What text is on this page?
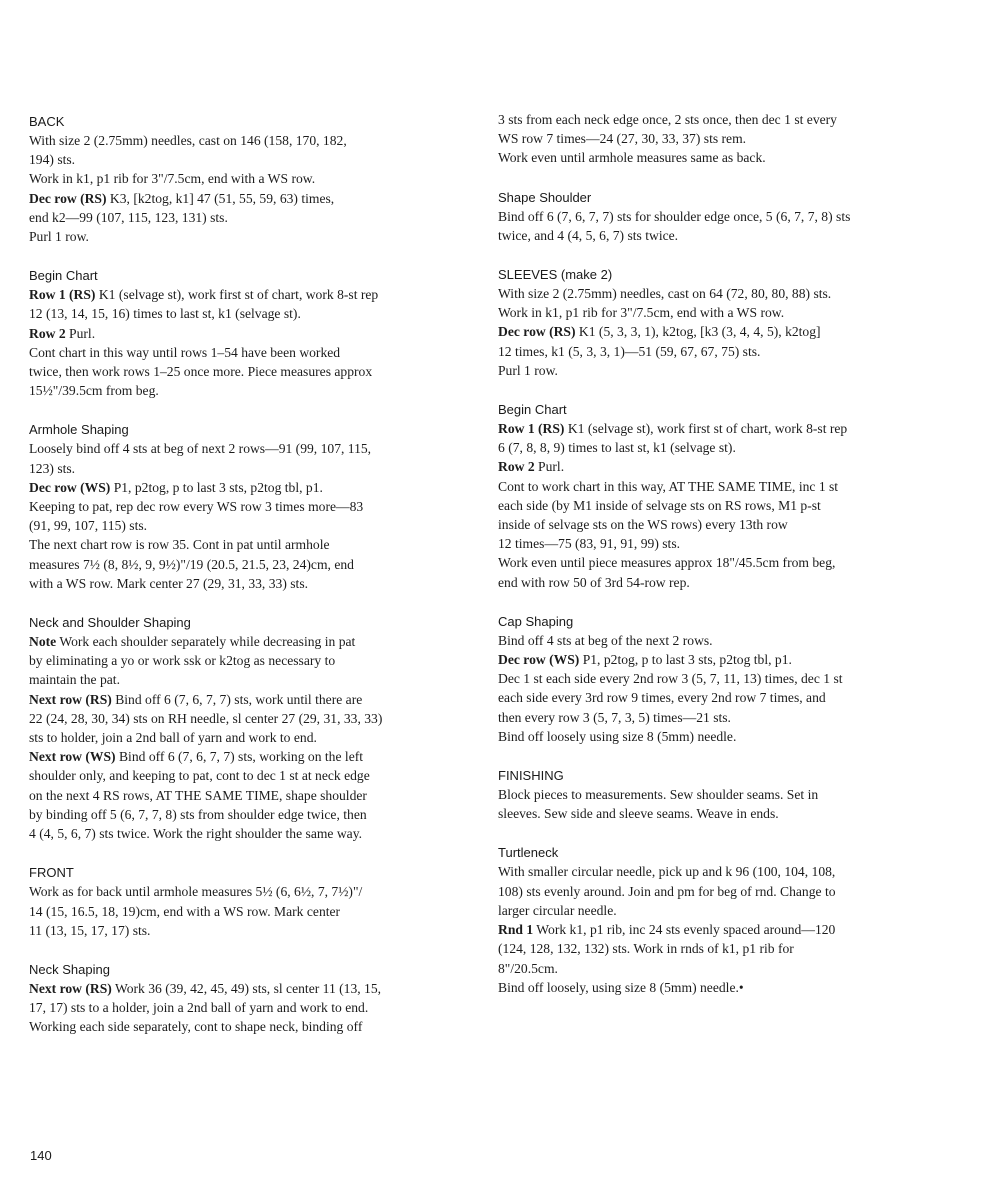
BACK

With size 2 (2.75mm) needles, cast on 146 (158, 170, 182,

194) sts.

Work in k1, p1 rib for 3"/7.5cm, end with a WS row.

Dec row (RS) K3, [k2tog, k1] 47 (51, 55, 59, 63) times,

end k2—99 (107, 115, 123, 131) sts.

Purl 1 row.

Begin Chart

Row 1 (RS) K1 (selvage st), work first st of chart, work 8-st rep

12 (13, 14, 15, 16) times to last st, k1 (selvage st).

Row 2 Purl.

Cont chart in this way until rows 1–54 have been worked

twice, then work rows 1–25 once more. Piece measures approx

15½"/39.5cm from beg.

Armhole Shaping

Loosely bind off 4 sts at beg of next 2 rows—91 (99, 107, 115,

123) sts.

Dec row (WS) P1, p2tog, p to last 3 sts, p2tog tbl, p1.

Keeping to pat, rep dec row every WS row 3 times more—83

(91, 99, 107, 115) sts.

The next chart row is row 35. Cont in pat until armhole

measures 7½ (8, 8½, 9, 9½)"/19 (20.5, 21.5, 23, 24)cm, end

with a WS row. Mark center 27 (29, 31, 33, 33) sts.

Neck and Shoulder Shaping

Note Work each shoulder separately while decreasing in pat

by eliminating a yo or work ssk or k2tog as necessary to

maintain the pat.

Next row (RS) Bind off 6 (7, 6, 7, 7) sts, work until there are

22 (24, 28, 30, 34) sts on RH needle, sl center 27 (29, 31, 33, 33)

sts to holder, join a 2nd ball of yarn and work to end.

Next row (WS) Bind off 6 (7, 6, 7, 7) sts, working on the left

shoulder only, and keeping to pat, cont to dec 1 st at neck edge

on the next 4 RS rows, AT THE SAME TIME, shape shoulder

by binding off 5 (6, 7, 7, 8) sts from shoulder edge twice, then

4 (4, 5, 6, 7) sts twice. Work the right shoulder the same way.

FRONT

Work as for back until armhole measures 5½ (6, 6½, 7, 7½)"/

14 (15, 16.5, 18, 19)cm, end with a WS row. Mark center

11 (13, 15, 17, 17) sts.

Neck Shaping

Next row (RS) Work 36 (39, 42, 45, 49) sts, sl center 11 (13, 15,

17, 17) sts to a holder, join a 2nd ball of yarn and work to end.

Working each side separately, cont to shape neck, binding off

3 sts from each neck edge once, 2 sts once, then dec 1 st every

WS row 7 times—24 (27, 30, 33, 37) sts rem.

Work even until armhole measures same as back.

Shape Shoulder

Bind off 6 (7, 6, 7, 7) sts for shoulder edge once, 5 (6, 7, 7, 8) sts

twice, and 4 (4, 5, 6, 7) sts twice.

SLEEVES (make 2)

With size 2 (2.75mm) needles, cast on 64 (72, 80, 80, 88) sts.

Work in k1, p1 rib for 3"/7.5cm, end with a WS row.

Dec row (RS) K1 (5, 3, 3, 1), k2tog, [k3 (3, 4, 4, 5), k2tog]

12 times, k1 (5, 3, 3, 1)—51 (59, 67, 67, 75) sts.

Purl 1 row.

Begin Chart

Row 1 (RS) K1 (selvage st), work first st of chart, work 8-st rep

6 (7, 8, 8, 9) times to last st, k1 (selvage st).

Row 2 Purl.

Cont to work chart in this way, AT THE SAME TIME, inc 1 st

each side (by M1 inside of selvage sts on RS rows, M1 p-st

inside of selvage sts on the WS rows) every 13th row

12 times—75 (83, 91, 91, 99) sts.

Work even until piece measures approx 18"/45.5cm from beg,

end with row 50 of 3rd 54-row rep.

Cap Shaping

Bind off 4 sts at beg of the next 2 rows.

Dec row (WS) P1, p2tog, p to last 3 sts, p2tog tbl, p1.

Dec 1 st each side every 2nd row 3 (5, 7, 11, 13) times, dec 1 st

each side every 3rd row 9 times, every 2nd row 7 times, and

then every row 3 (5, 7, 3, 5) times—21 sts.

Bind off loosely using size 8 (5mm) needle.

FINISHING

Block pieces to measurements. Sew shoulder seams. Set in

sleeves. Sew side and sleeve seams. Weave in ends.

Turtleneck

With smaller circular needle, pick up and k 96 (100, 104, 108,

108) sts evenly around. Join and pm for beg of rnd. Change to

larger circular needle.

Rnd 1 Work k1, p1 rib, inc 24 sts evenly spaced around—120

(124, 128, 132, 132) sts. Work in rnds of k1, p1 rib for

8"/20.5cm.

Bind off loosely, using size 8 (5mm) needle.•

140
